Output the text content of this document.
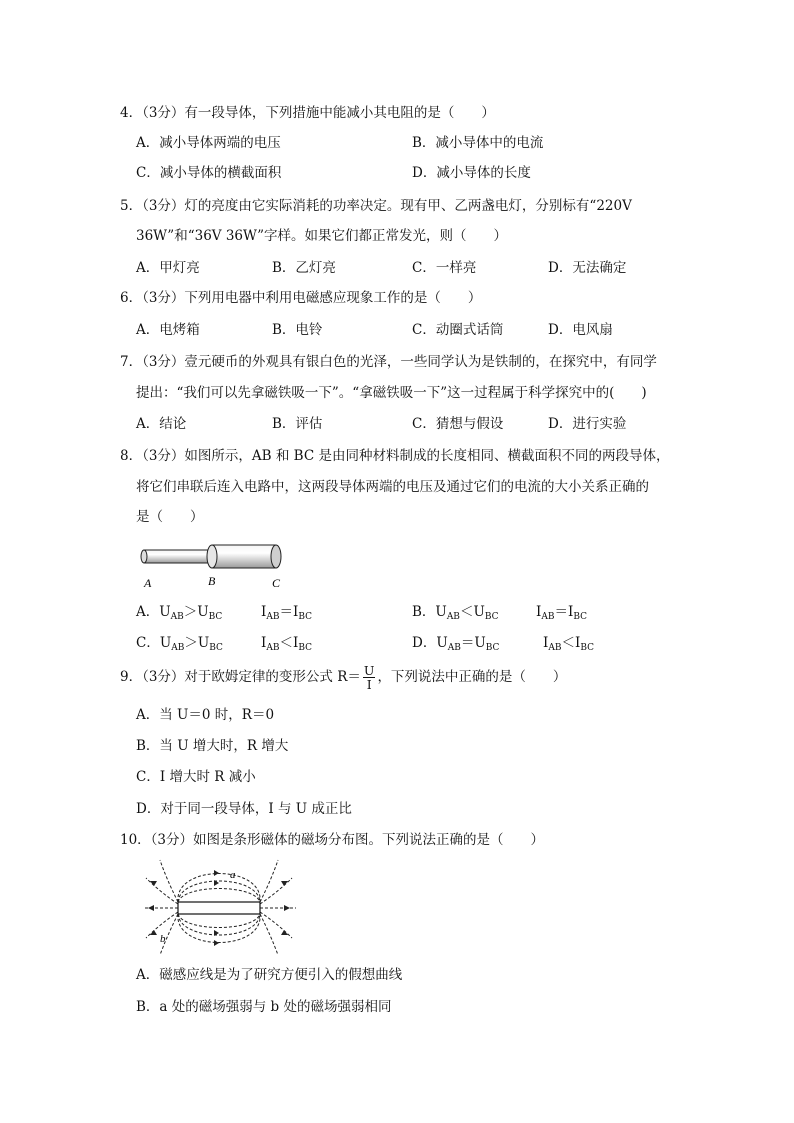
4．（3分）有一段导体，下列措施中能减小其电阻的是（　　）
A．减小导体两端的电压	B．减小导体中的电流
C．减小导体的横截面积	D．减小导体的长度
5．（3分）灯的亮度由它实际消耗的功率决定。现有甲、乙两盏电灯，分别标有“220V
36W”和“36V 36W”字样。如果它们都正常发光，则（　　）
A．甲灯亮	B．乙灯亮	C．一样亮	D．无法确定
6．（3分）下列用电器中利用电磁感应现象工作的是（　　）
A．电烤箱	B．电铃	C．动圈式话筒	D．电风扇
7．（3分）壹元硬币的外观具有银白色的光泽，一些同学认为是铁制的，在探究中，有同学
提出：“我们可以先拿磁铁吸一下”。“拿磁铁吸一下”这一过程属于科学探究中的(　　)
A．结论	B．评估	C．猜想与假设	D．进行实验
8．（3分）如图所示，AB 和 BC 是由同种材料制成的长度相同、横截面积不同的两段导体，
将它们串联后连入电路中，这两段导体两端的电压及通过它们的电流的大小关系正确的
是（　　）
A	B	C
A．$U_{AB}>U_{BC}$	$I_{AB}=I_{BC}$	B．$U_{AB}<U_{BC}$	$I_{AB}=I_{BC}$
C．$U_{AB}>U_{BC}$	$I_{AB}<I_{BC}$	D．$U_{AB}=U_{BC}$	$I_{AB}<I_{BC}$
9．（3分）对于欧姆定律的变形公式 $R= \frac{U}{I}$ ，下列说法中正确的是（　　）
A．当 U＝0 时，R＝0
B．当 U 增大时，R 增大
C．I 增大时 R 减小
D．对于同一段导体，I 与 U 成正比
10．（3分）如图是条形磁体的磁场分布图。下列说法正确的是（　　）
a
b
A．磁感应线是为了研究方便引入的假想曲线
B．a 处的磁场强弱与 b 处的磁场强弱相同
